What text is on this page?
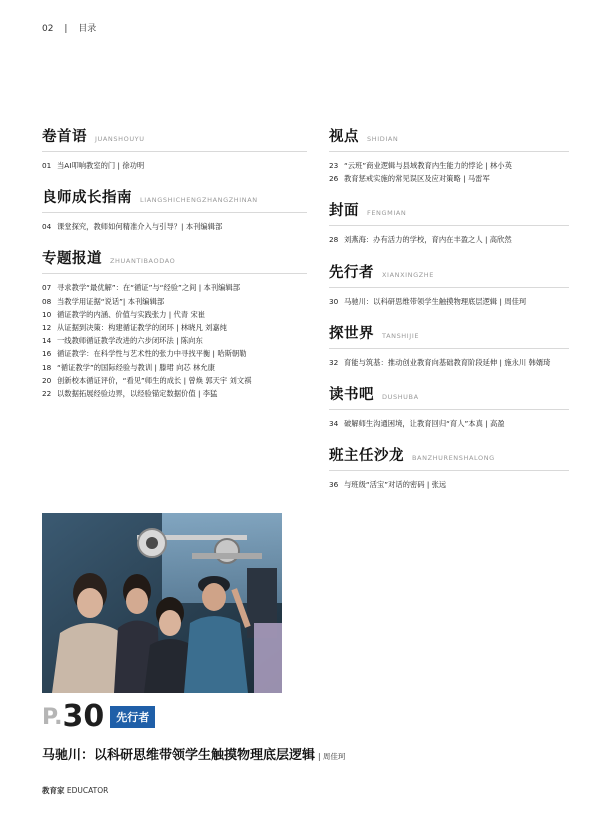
02 | 目录
卷首语 JUANSHOUYU
01 当AI叩响教室的门 | 徐功明
良师成长指南 LIANGSHICHENGZHANGZHINAN
04 课堂探究，教师如何精准介入与引导？| 本刊编辑部
专题报道 ZHUANTIBAODAO
07 寻求教学“最优解”：在“循证”与“经验”之间 | 本刊编辑部
08 当教学用证据“说话”| 本刊编辑部
10 循证教学的内涵、价值与实践张力 | 代青 宋崔
12 从证据到决策：构建循证教学的闭环 | 林晓凡 刘嘉纯
14 一线教师循证教学改进的六步闭环法 | 陈向东
16 循证教学：在科学性与艺术性的张力中寻找平衡 | 哈斯朝勒
18 “循证教学”的国际经验与教训 | 滕珺 向芯 林允康
20 创新校本循证评价，“看见”师生的成长 | 曾焕 郭天宇 刘文祺
22 以数据拓展经验边界，以经验锚定数据价值 | 李猛
视点 SHIDIAN
23 “云班”商业逻辑与县域教育内生能力的悖论 | 林小英
26 教育惩戒实施的常见误区及应对策略 | 马雷军
封面 FENGMIAN
28 刘燕海：办有活力的学校，育内在丰盈之人 | 高欣然
先行者 XIANXINGZHE
30 马驰川：以科研思维带领学生触摸物理底层逻辑 | 周佳珂
探世界 TANSHIJIE
32 育能与筑基：推动创业教育向基础教育阶段延伸 | 施永川 韩婿琦
读书吧 DUSHUBA
34 破解师生沟通困境，让教育回归“育人”本真 | 高盈
班主任沙龙 BANZHURENSHALONG
36 与班级“活宝”对话的密码 | 张远
P. 30	先行者
马驰川：以科研思维带领学生触摸物理底层逻辑 | 周佳珂
教育家 EDUCATOR
